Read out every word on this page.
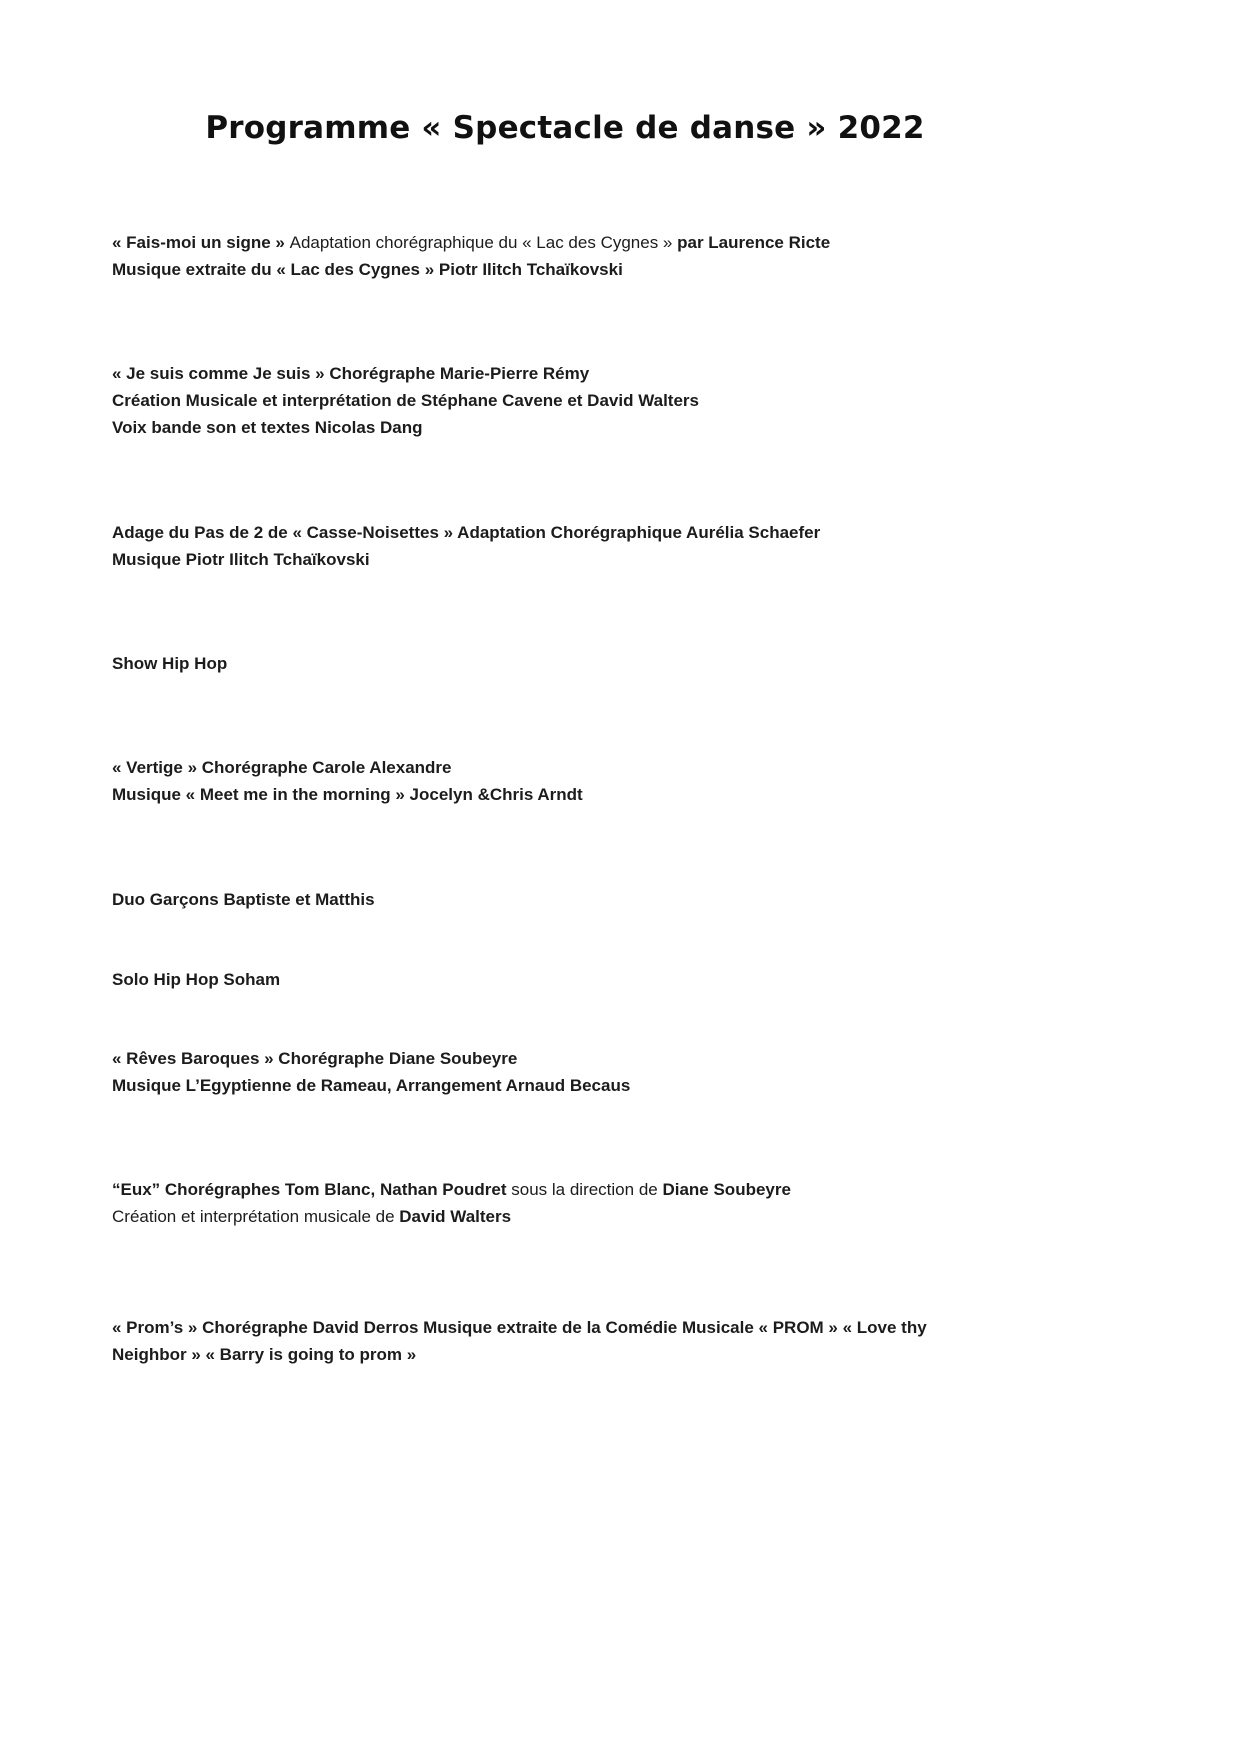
Programme « Spectacle de danse » 2022
« Fais-moi un signe » Adaptation chorégraphique du « Lac des Cygnes » par Laurence Ricte
Musique extraite du « Lac des Cygnes » Piotr Ilitch Tchaïkovski
« Je suis comme Je suis » Chorégraphe Marie-Pierre Rémy
Création Musicale et interprétation de Stéphane Cavene et David Walters
Voix bande son et textes Nicolas Dang
Adage du Pas de 2 de « Casse-Noisettes » Adaptation Chorégraphique Aurélia Schaefer
Musique Piotr Ilitch Tchaïkovski
Show Hip Hop
« Vertige » Chorégraphe Carole Alexandre
Musique « Meet me in the morning » Jocelyn &Chris Arndt
Duo Garçons Baptiste et Matthis
Solo Hip Hop Soham
« Rêves Baroques » Chorégraphe Diane Soubeyre
Musique L’Egyptienne de Rameau, Arrangement Arnaud Becaus
“Eux” Chorégraphes Tom Blanc, Nathan Poudret sous la direction de Diane Soubeyre
Création et interprétation musicale de David Walters
« Prom’s » Chorégraphe David Derros Musique extraite de la Comédie Musicale « PROM » « Love thy
Neighbor » « Barry is going to prom »
